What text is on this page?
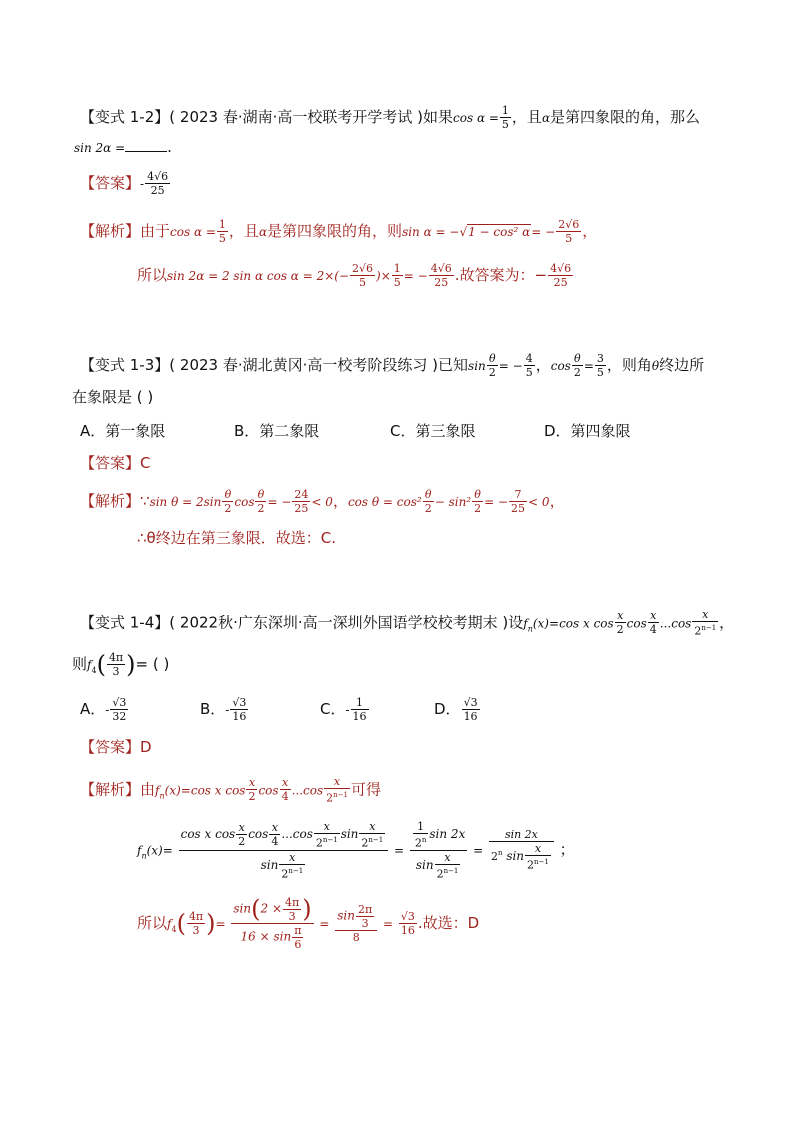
【变式 1-2】( 2023 春·湖南·高一校联考开学考试 )如果$\cos \alpha = \frac{1}{5}$ ，且α是第四象限的角，那么
sin 2α =	.
【答案】- $\frac{4√6}{25}$
【解析】由于$\cos \alpha = \frac{1}{5}$ ，且α是第四象限的角，则sin α = −√1 − cos² $\alpha= - \frac{2√6}{5}$ ，
所以sin 2α = 2 sin α $\cos \alpha = 2\times(- \frac{2√6}{5}$ )× $\frac{1}{5}$ = − $\frac{4√6}{25}$ .故答案为：− $\frac{4√6}{25}$
【变式 1-3】( 2023 春·湖北黄冈·高一校考阶段练习 )已知$\sin \frac{\theta}{2}$ = − $\frac{4}{5}$ ，$\cos \frac{\theta}{2} = \frac{3}{5}$ ，则角θ终边所
在象限是 ( )
A．第一象限	B．第二象限	C．第三象限	D．第四象限
【答案】C
【解析】∵sin $\theta = 2\sin \frac{\theta}{2}$ $\cos \frac{\theta}{2}$ = − $\frac{24}{25} < 0$，$\cos \theta = \cos^2 \frac{\theta}{2} - \sin^2 \frac{\theta}{2}$ = − $\frac{7}{25} < 0$，
∴θ终边在第三象限．故选：C.
【变式 1-4】( 2022秋·广东深圳·高一深圳外国语学校校考期末 )设$f_n(x)=\cos$ x $\cos \frac{x}{2}$ $\cos \frac{x}{4} ...\cos \frac{x}{2^{n-1}}$ ，
则$f_4( \frac{4\pi}{3}$ )= ( )
A．- $\frac{√3}{32}$	B．- $\frac{√3}{16}$	C．- $\frac{1}{16}$	D． $\frac{√3}{16}$
【答案】D
【解析】由$f_n(x)=\cos$ x $\cos \frac{x}{2}$ $\cos \frac{x}{4} ...\cos \frac{x}{2^{n-1}}$ 可得
$f_n(x)= \frac{\cos x \cos \frac{x}{2} \cos \frac{x}{4} ...\cos \frac{x}{2^{n-1}} \sin \frac{x}{2^{n-1}}}{\sin \frac{x}{2^{n-1}}} = \frac{\frac{1}{2^n} \sin 2x}{\sin \frac{x}{2^{n-1}}} = \frac{\sin 2x}{2^n \sin \frac{x}{2^{n-1}}}$ ；
所以$f_4( \frac{4\pi}{3}$ )= $\frac{\sin(2 \times \frac{4\pi}{3} )}{16 \times \sin \frac{\pi}{6}} = \frac{\sin \frac{2\pi}{3}}{8} = \frac{√3}{16}$ .故选：D
